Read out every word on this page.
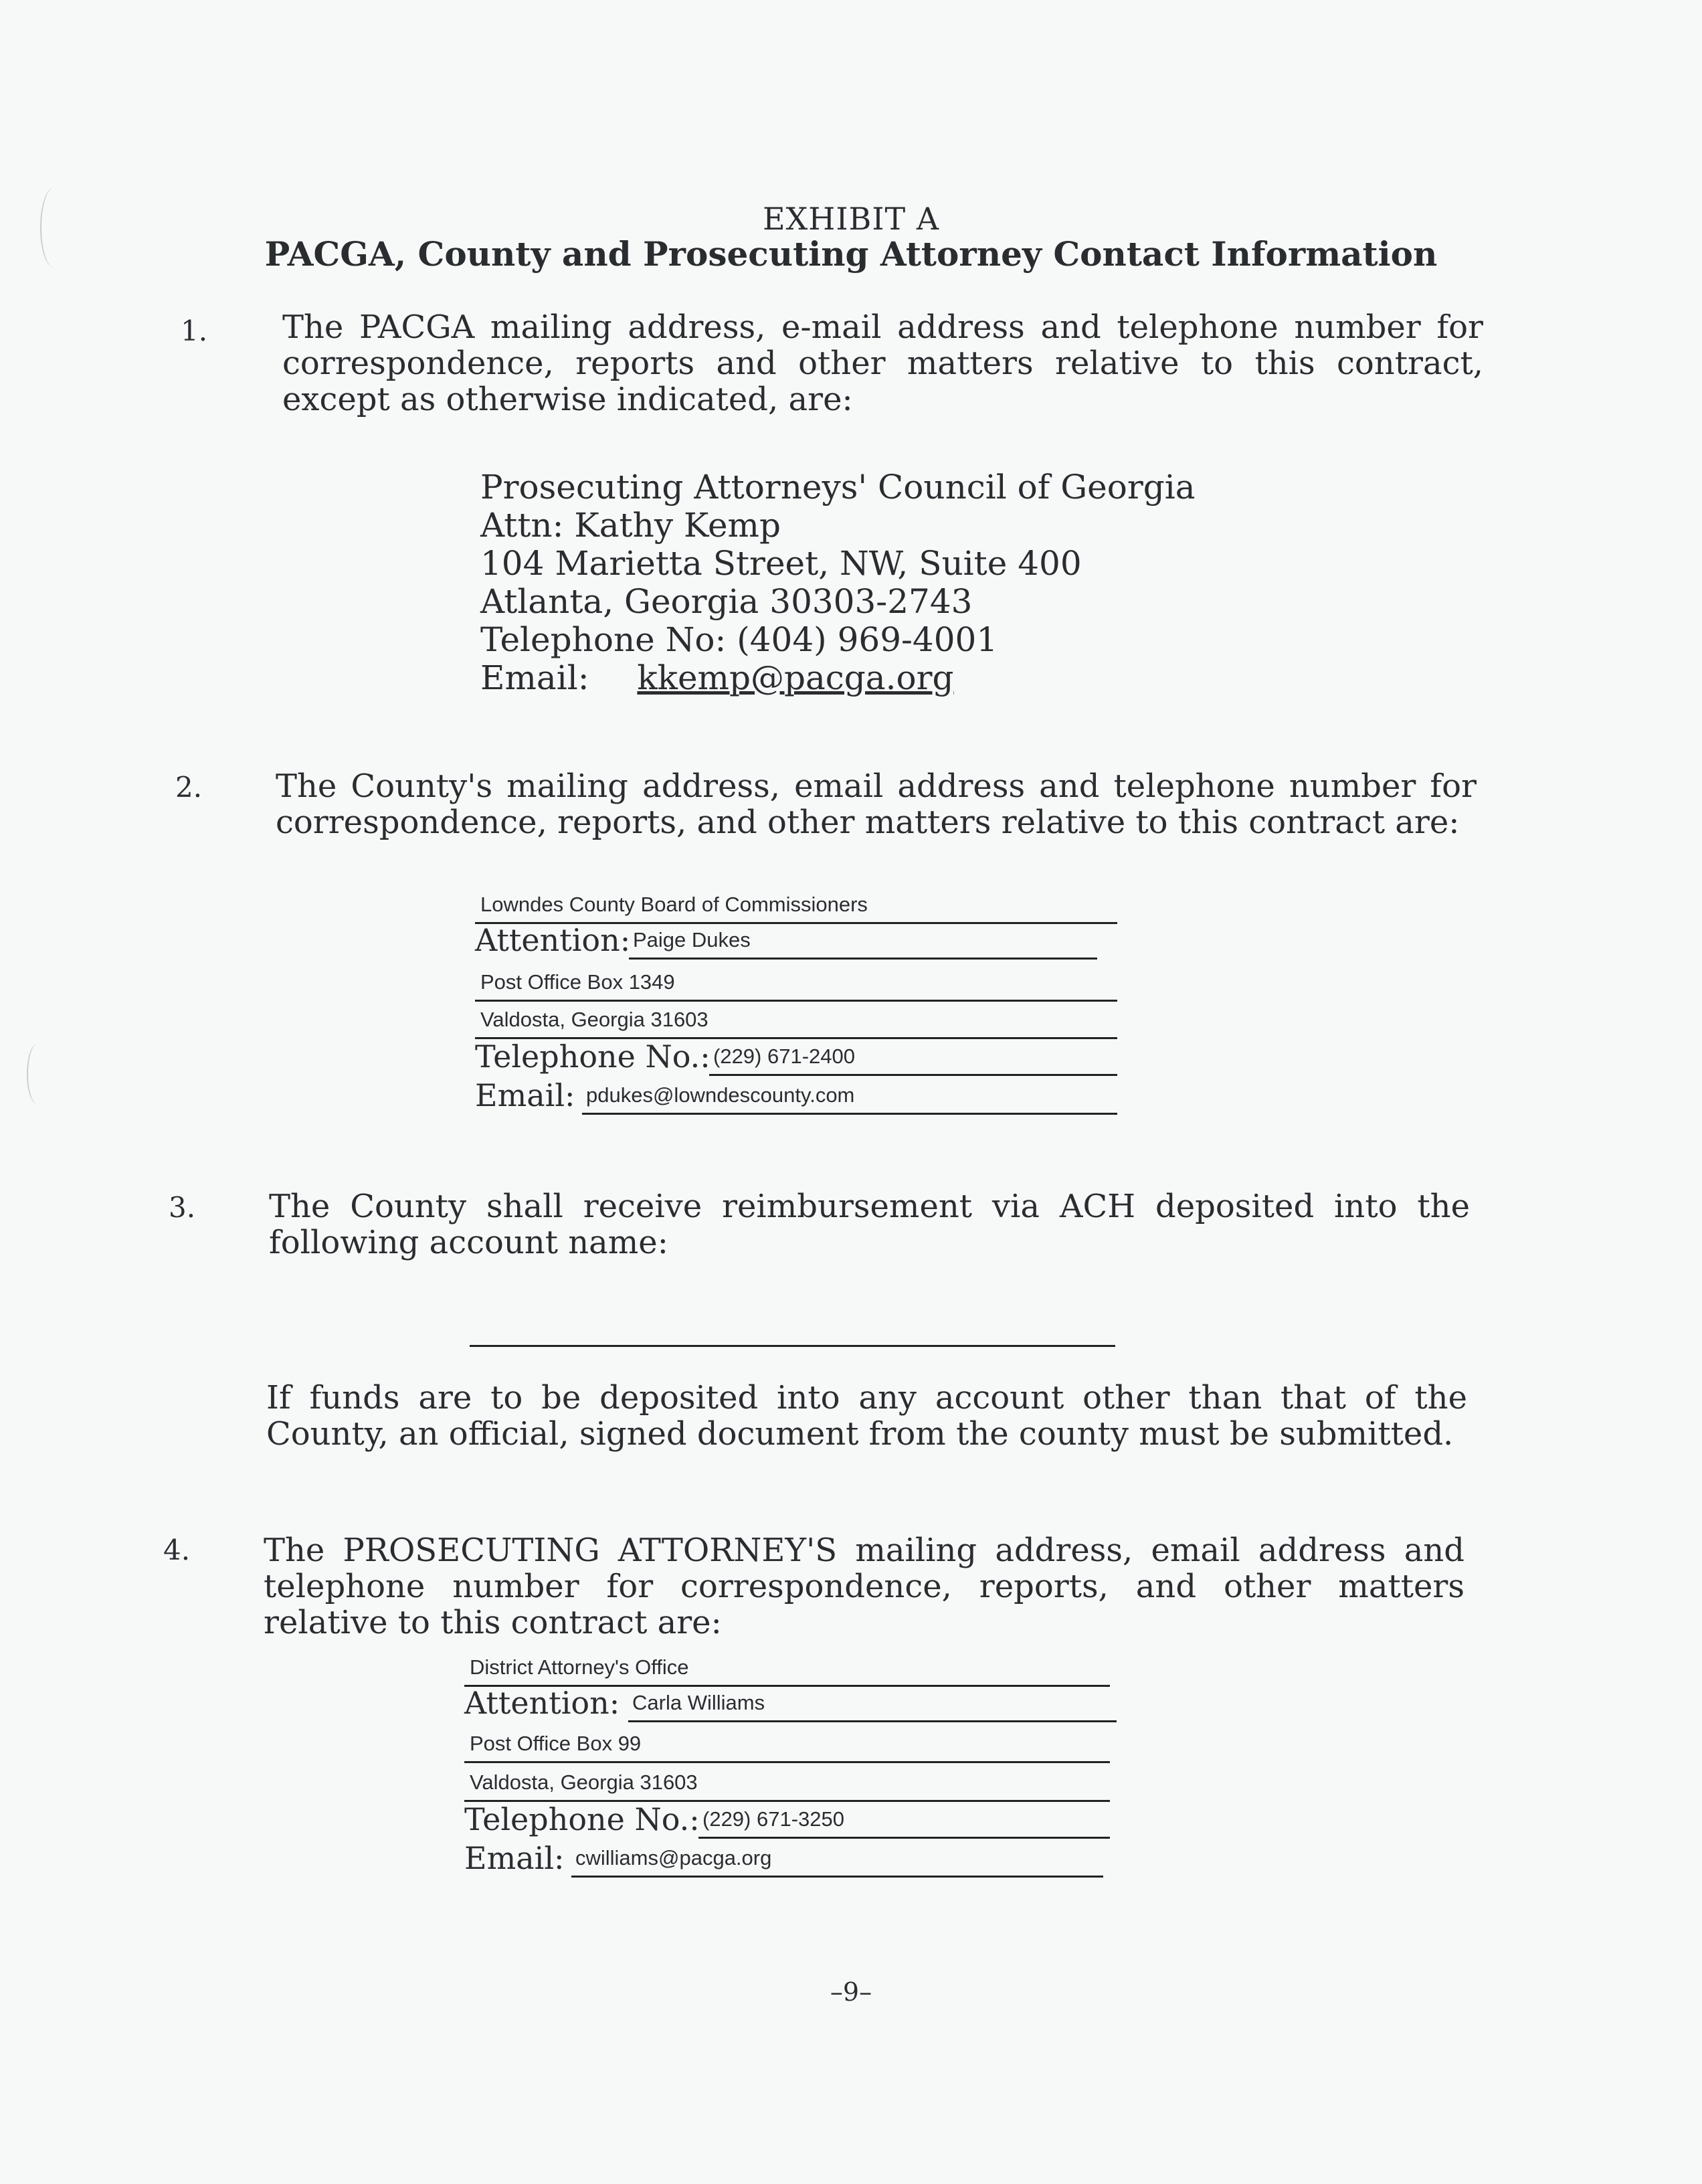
EXHIBIT A
PACGA, County and Prosecuting Attorney Contact Information
1. The PACGA mailing address, e-mail address and telephone number for correspondence, reports and other matters relative to this contract, except as otherwise indicated, are:
Prosecuting Attorneys' Council of Georgia
Attn: Kathy Kemp
104 Marietta Street, NW, Suite 400
Atlanta, Georgia 30303-2743
Telephone No: (404) 969-4001
Email: kkemp@pacga.org
2. The County's mailing address, email address and telephone number for correspondence, reports, and other matters relative to this contract are:
Lowndes County Board of Commissioners
Attention: Paige Dukes
Post Office Box 1349
Valdosta, Georgia 31603
Telephone No.: (229) 671-2400
Email: pdukes@lowndescounty.com
3. The County shall receive reimbursement via ACH deposited into the following account name:
If funds are to be deposited into any account other than that of the County, an official, signed document from the county must be submitted.
4. The PROSECUTING ATTORNEY'S mailing address, email address and telephone number for correspondence, reports, and other matters relative to this contract are:
District Attorney's Office
Attention: Carla Williams
Post Office Box 99
Valdosta, Georgia 31603
Telephone No.: (229) 671-3250
Email: cwilliams@pacga.org
–9–
